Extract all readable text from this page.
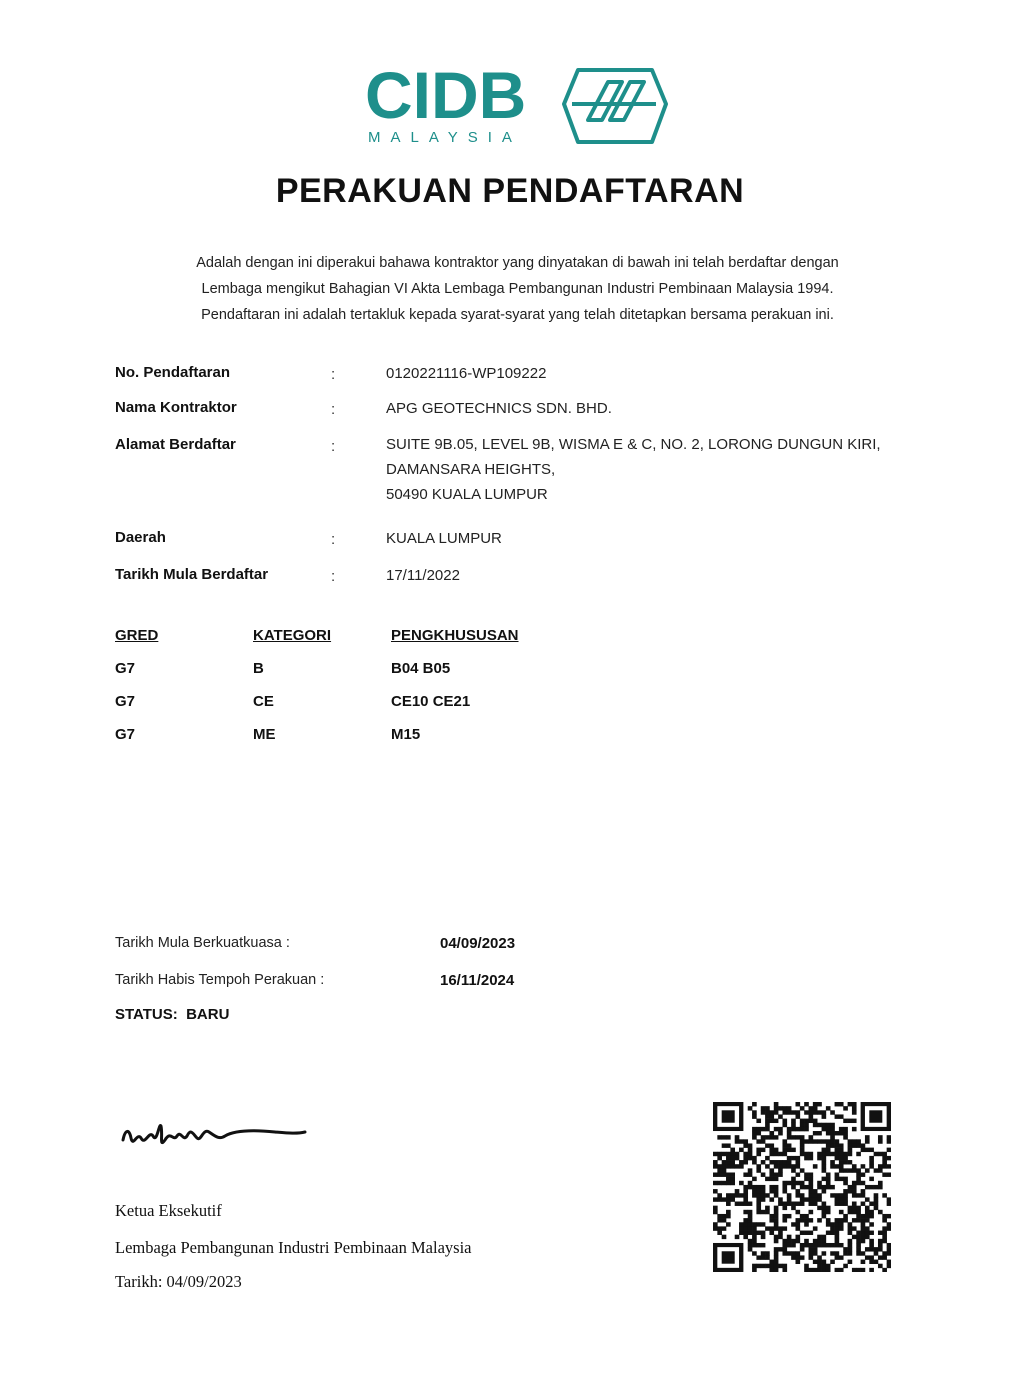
CIDB
MALAYSIA
PERAKUAN PENDAFTARAN

Adalah dengan ini diperakui bahawa kontraktor yang dinyatakan di bawah ini telah berdaftar dengan

Lembaga mengikut Bahagian VI Akta Lembaga Pembangunan Industri Pembinaan Malaysia 1994.

Pendaftaran ini adalah tertakluk kepada syarat-syarat yang telah ditetapkan bersama perakuan ini.

No. Pendaftaran	:	0120221116-WP109222
Nama Kontraktor	:	APG GEOTECHNICS SDN. BHD.
Alamat Berdaftar	:	SUITE 9B.05, LEVEL 9B, WISMA E & C, NO. 2, LORONG DUNGUN KIRI,
DAMANSARA HEIGHTS,
50490 KUALA LUMPUR
Daerah	:	KUALA LUMPUR
Tarikh Mula Berdaftar	:	17/11/2022
GRED	KATEGORI	PENGKHUSUSAN
G7	B	B04 B05
G7	CE	CE10 CE21
G7	ME	M15
Tarikh Mula Berkuatkuasa :	04/09/2023
Tarikh Habis Tempoh Perakuan :	16/11/2024
STATUS:  BARU
Ketua Eksekutif
Lembaga Pembangunan Industri Pembinaan Malaysia
Tarikh: 04/09/2023
